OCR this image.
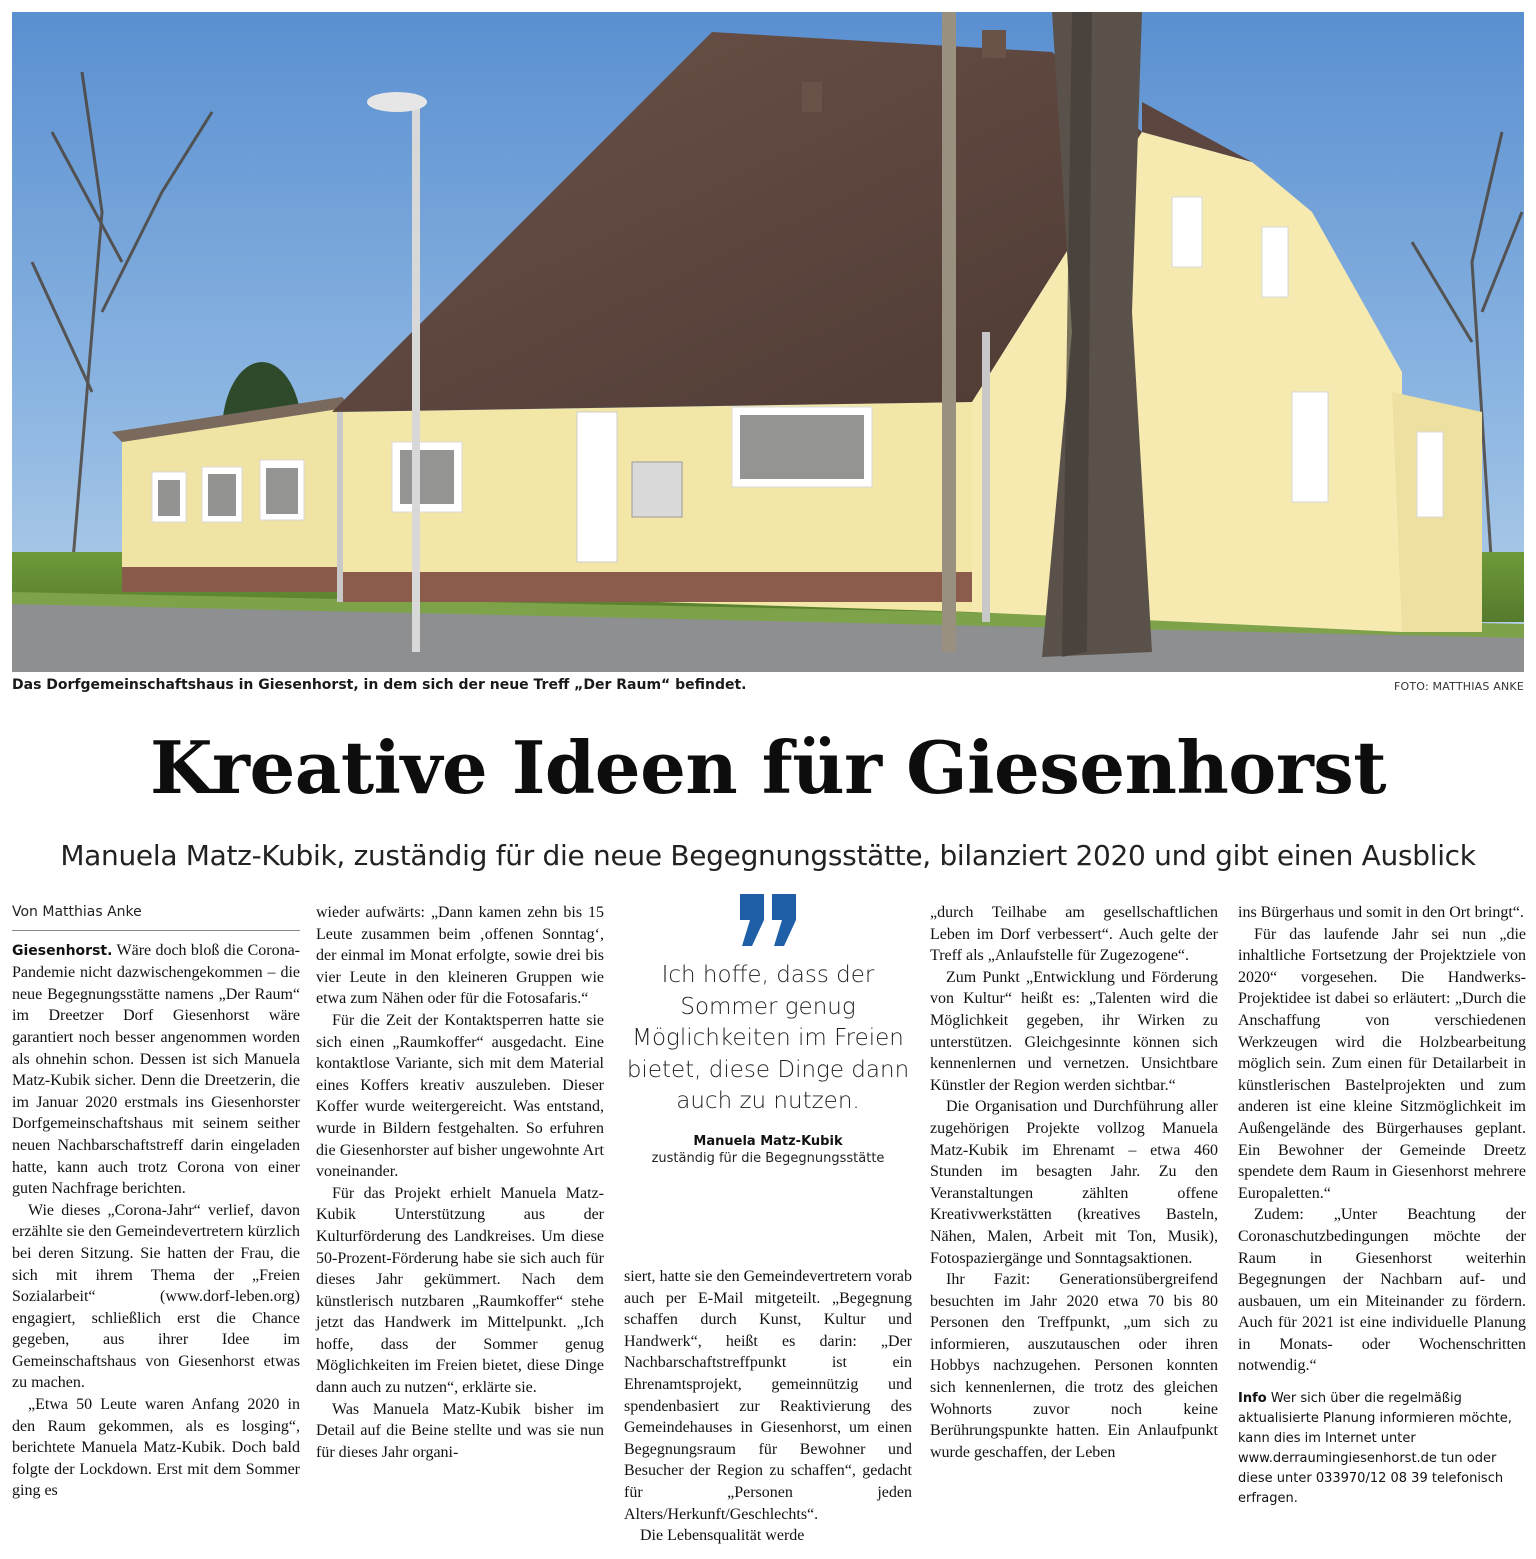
Das Dorfgemeinschaftshaus in Giesenhorst, in dem sich der neue Treff „Der Raum“ befindet.	FOTO: MATTHIAS ANKE
Kreative Ideen für Giesenhorst
Manuela Matz-Kubik, zuständig für die neue Begegnungsstätte, bilanziert 2020 und gibt einen Ausblick
Von Matthias Anke

Giesenhorst. Wäre doch bloß die Corona-Pandemie nicht dazwischengekommen – die neue Begegnungsstätte namens „Der Raum“ im Dreetzer Dorf Giesenhorst wäre garantiert noch besser angenommen worden als ohnehin schon. Dessen ist sich Manuela Matz-Kubik sicher. Denn die Dreetzerin, die im Januar 2020 erstmals ins Giesenhorster Dorfgemeinschaftshaus mit seinem seither neuen Nachbarschaftstreff darin eingeladen hatte, kann auch trotz Corona von einer guten Nachfrage berichten.

Wie dieses „Corona-Jahr“ verlief, davon erzählte sie den Gemeindevertretern kürzlich bei deren Sitzung. Sie hatten der Frau, die sich mit ihrem Thema der „Freien Sozialarbeit“ (www.dorf-leben.org) engagiert, schließlich erst die Chance gegeben, aus ihrer Idee im Gemeinschaftshaus von Giesenhorst etwas zu machen.

„Etwa 50 Leute waren Anfang 2020 in den Raum gekommen, als es losging“, berichtete Manuela Matz-Kubik. Doch bald folgte der Lockdown. Erst mit dem Sommer ging es

wieder aufwärts: „Dann kamen zehn bis 15 Leute zusammen beim ‚offenen Sonntag‘, der einmal im Monat erfolgte, sowie drei bis vier Leute in den kleineren Gruppen wie etwa zum Nähen oder für die Fotosafaris.“

Für die Zeit der Kontaktsperren hatte sie sich einen „Raumkoffer“ ausgedacht. Eine kontaktlose Variante, sich mit dem Material eines Koffers kreativ auszuleben. Dieser Koffer wurde weitergereicht. Was entstand, wurde in Bildern festgehalten. So erfuhren die Giesenhorster auf bisher ungewohnte Art voneinander.

Für das Projekt erhielt Manuela Matz-Kubik Unterstützung aus der Kulturförderung des Landkreises. Um diese 50-Prozent-Förderung habe sie sich auch für dieses Jahr gekümmert. Nach dem künstlerisch nutzbaren „Raumkoffer“ stehe jetzt das Handwerk im Mittelpunkt. „Ich hoffe, dass der Sommer genug Möglichkeiten im Freien bietet, diese Dinge dann auch zu nutzen“, erklärte sie.

Was Manuela Matz-Kubik bisher im Detail auf die Beine stellte und was sie nun für dieses Jahr organi-

Ich hoffe, dass der Sommer genug Möglichkeiten im Freien bietet, diese Dinge dann auch zu nutzen.
Manuela Matz-Kubik
zuständig für die Begegnungsstätte

siert, hatte sie den Gemeindevertretern vorab auch per E-Mail mitgeteilt. „Begegnung schaffen durch Kunst, Kultur und Handwerk“, heißt es darin: „Der Nachbarschaftstreffpunkt ist ein Ehrenamtsprojekt, gemeinnützig und spendenbasiert zur Reaktivierung des Gemeindehauses in Giesenhorst, um einen Begegnungsraum für Bewohner und Besucher der Region zu schaffen“, gedacht für „Personen jeden Alters/Herkunft/Geschlechts“.

Die Lebensqualität werde

„durch Teilhabe am gesellschaftlichen Leben im Dorf verbessert“. Auch gelte der Treff als „Anlaufstelle für Zugezogene“.

Zum Punkt „Entwicklung und Förderung von Kultur“ heißt es: „Talenten wird die Möglichkeit gegeben, ihr Wirken zu unterstützen. Gleichgesinnte können sich kennenlernen und vernetzen. Unsichtbare Künstler der Region werden sichtbar.“

Die Organisation und Durchführung aller zugehörigen Projekte vollzog Manuela Matz-Kubik im Ehrenamt – etwa 460 Stunden im besagten Jahr. Zu den Veranstaltungen zählten offene Kreativwerkstätten (kreatives Basteln, Nähen, Malen, Arbeit mit Ton, Musik), Fotospaziergänge und Sonntagsaktionen.

Ihr Fazit: Generationsübergreifend besuchten im Jahr 2020 etwa 70 bis 80 Personen den Treffpunkt, „um sich zu informieren, auszutauschen oder ihren Hobbys nachzugehen. Personen konnten sich kennenlernen, die trotz des gleichen Wohnorts zuvor noch keine Berührungspunkte hatten. Ein Anlaufpunkt wurde geschaffen, der Leben

ins Bürgerhaus und somit in den Ort bringt“.

Für das laufende Jahr sei nun „die inhaltliche Fortsetzung der Projektziele von 2020“ vorgesehen. Die Handwerks-Projektidee ist dabei so erläutert: „Durch die Anschaffung von verschiedenen Werkzeugen wird die Holzbearbeitung möglich sein. Zum einen für Detailarbeit in künstlerischen Bastelprojekten und zum anderen ist eine kleine Sitzmöglichkeit im Außengelände des Bürgerhauses geplant. Ein Bewohner der Gemeinde Dreetz spendete dem Raum in Giesenhorst mehrere Europaletten.“

Zudem: „Unter Beachtung der Coronaschutzbedingungen möchte der Raum in Giesenhorst weiterhin Begegnungen der Nachbarn auf- und ausbauen, um ein Miteinander zu fördern. Auch für 2021 ist eine individuelle Planung in Monats- oder Wochenschritten notwendig.“

Info Wer sich über die regelmäßig aktualisierte Planung informieren möchte, kann dies im Internet unter www.derraumingiesenhorst.de tun oder diese unter 033970/12 08 39 telefonisch erfragen.
